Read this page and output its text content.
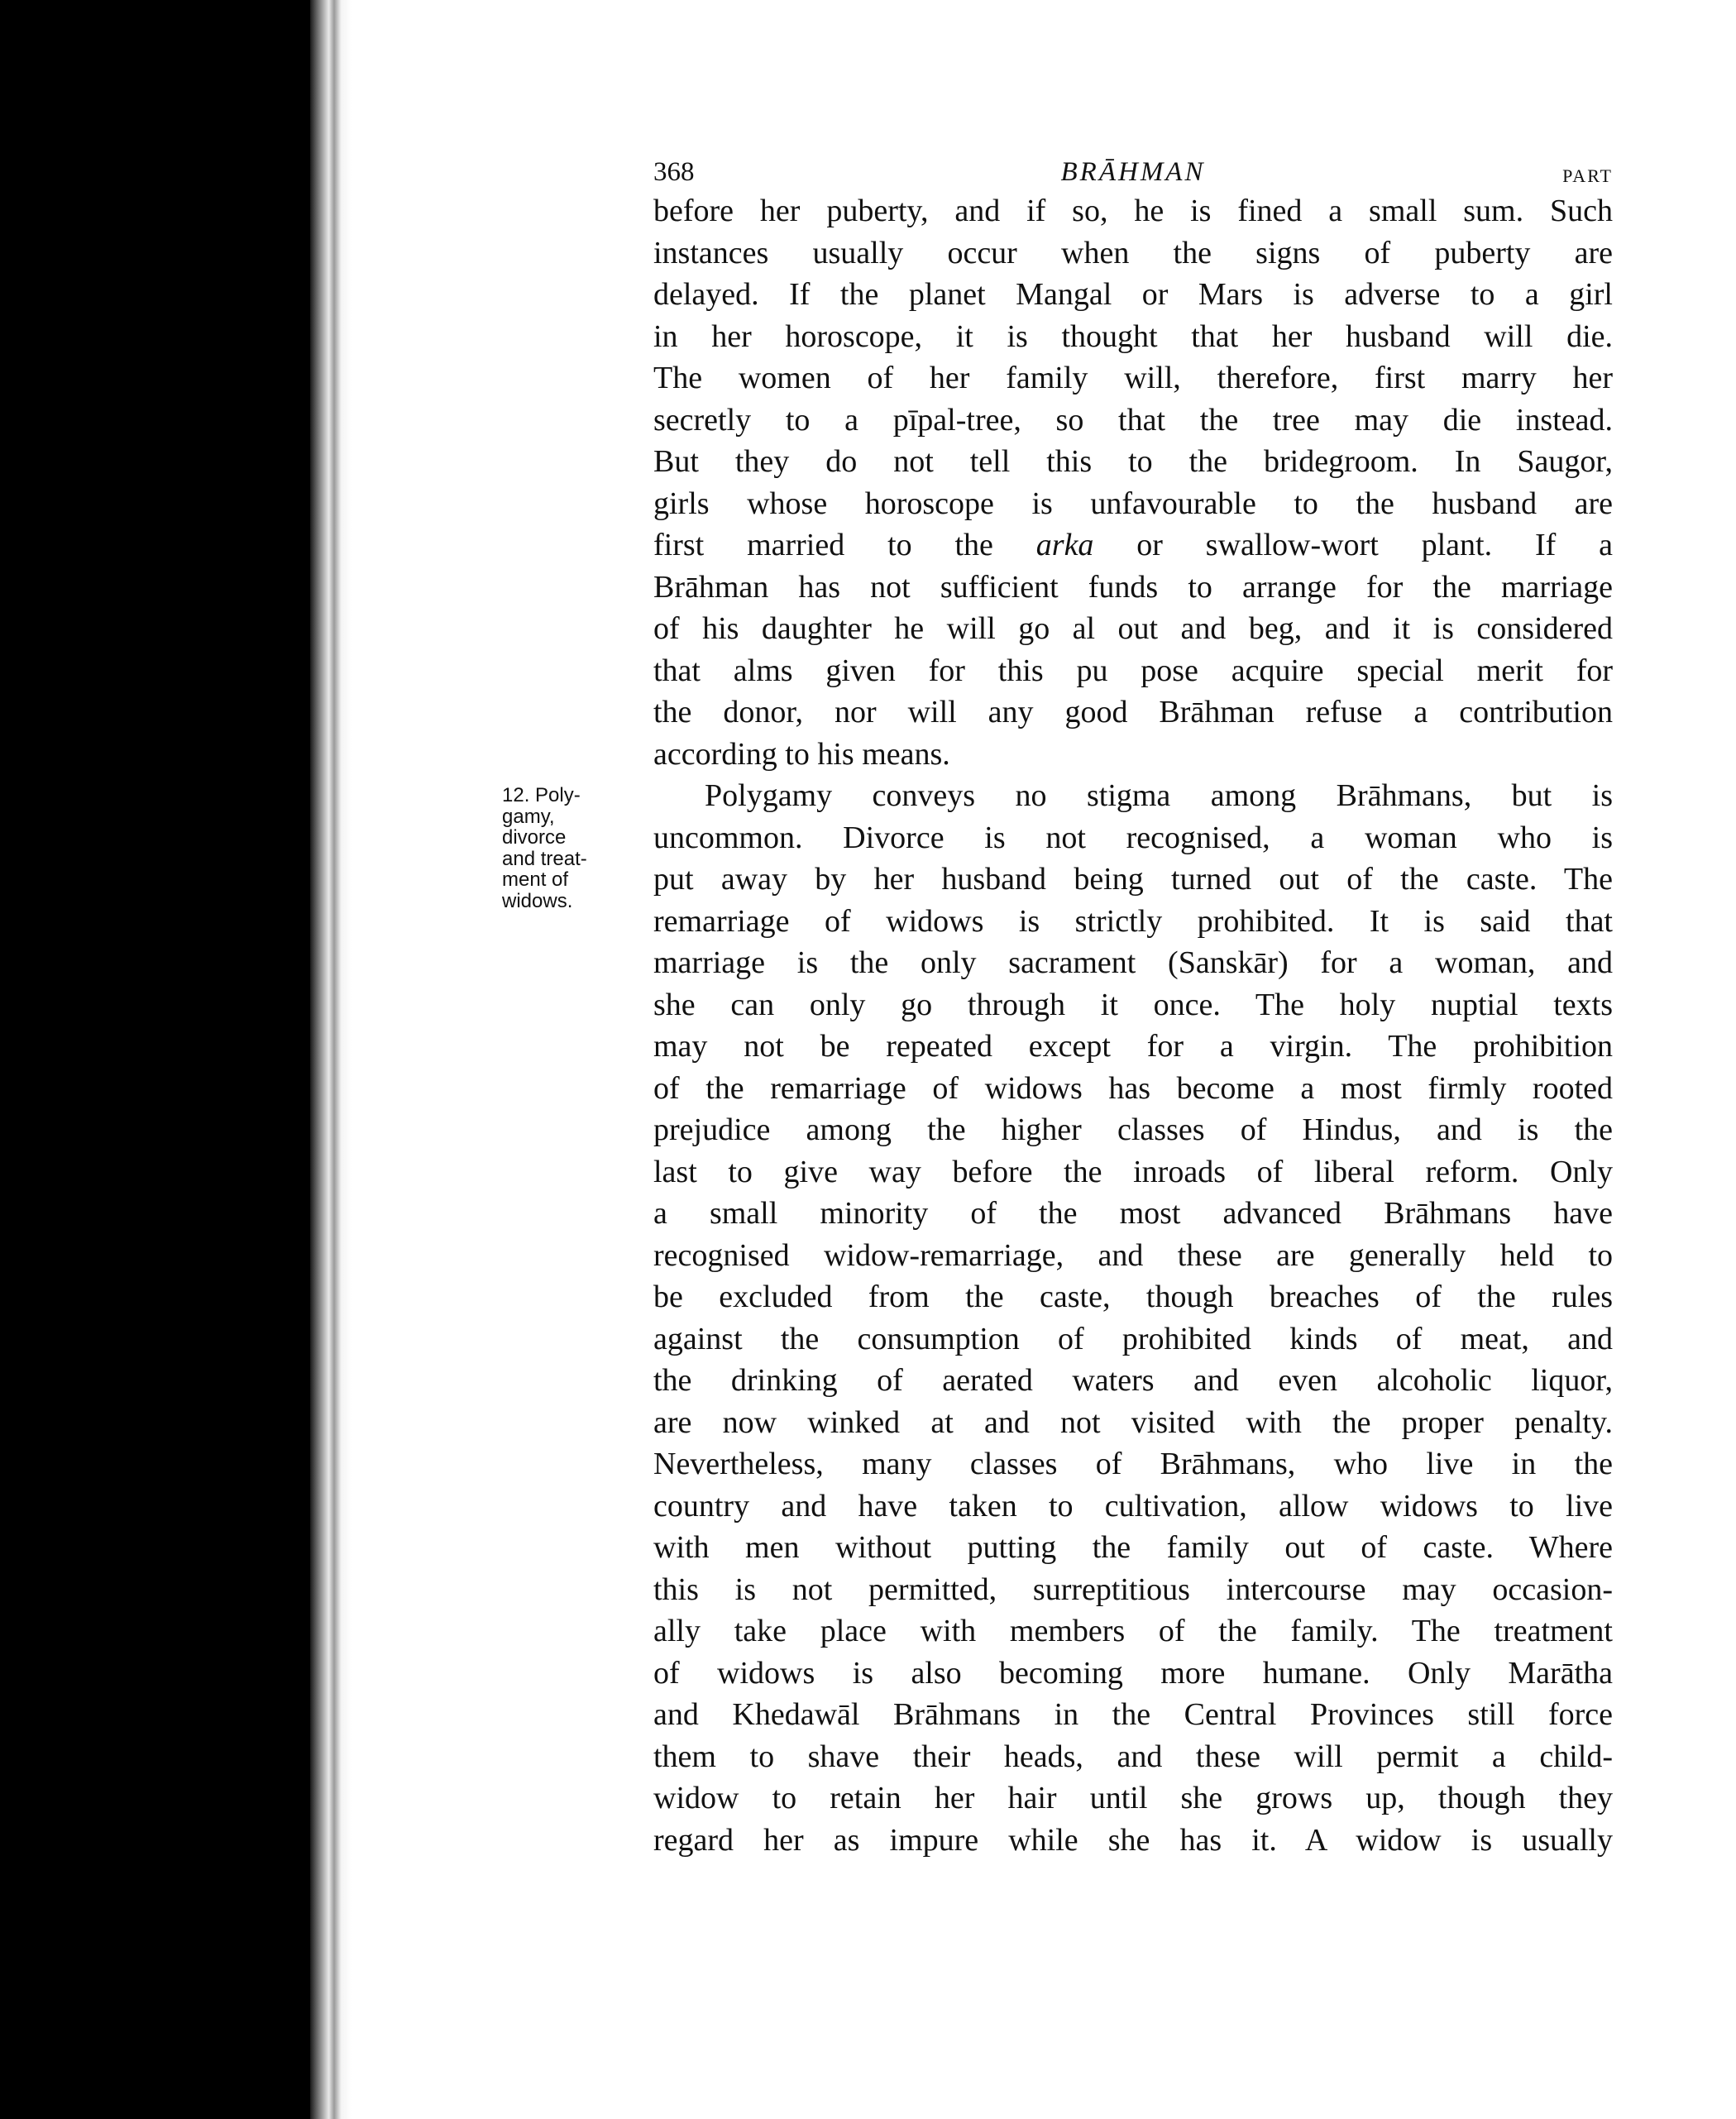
368	BRĀHMAN	PART
before her puberty, and if so, he is fined a small sum. Such
instances usually occur when the signs of puberty are
delayed. If the planet Mangal or Mars is adverse to a girl
in her horoscope, it is thought that her husband will die.
The women of her family will, therefore, first marry her
secretly to a pīpal-tree, so that the tree may die instead.
But they do not tell this to the bridegroom. In Saugor,
girls whose horoscope is unfavourable to the husband are
first married to the arka or swallow-wort plant. If a
Brāhman has not sufficient funds to arrange for the marriage
of his daughter he will go al out and beg, and it is considered
that alms given for this pu pose acquire special merit for
the donor, nor will any good Brāhman refuse a contribution
according to his means.
12. Poly-
gamy,
divorce
and treat-
ment of
widows.
Polygamy conveys no stigma among Brāhmans, but is
uncommon. Divorce is not recognised, a woman who is
put away by her husband being turned out of the caste. The
remarriage of widows is strictly prohibited. It is said that
marriage is the only sacrament (Sanskār) for a woman, and
she can only go through it once. The holy nuptial texts
may not be repeated except for a virgin. The prohibition
of the remarriage of widows has become a most firmly rooted
prejudice among the higher classes of Hindus, and is the
last to give way before the inroads of liberal reform. Only
a small minority of the most advanced Brāhmans have
recognised widow-remarriage, and these are generally held to
be excluded from the caste, though breaches of the rules
against the consumption of prohibited kinds of meat, and
the drinking of aerated waters and even alcoholic liquor,
are now winked at and not visited with the proper penalty.
Nevertheless, many classes of Brāhmans, who live in the
country and have taken to cultivation, allow widows to live
with men without putting the family out of caste. Where
this is not permitted, surreptitious intercourse may occasion-
ally take place with members of the family. The treatment
of widows is also becoming more humane. Only Marātha
and Khedawāl Brāhmans in the Central Provinces still force
them to shave their heads, and these will permit a child-
widow to retain her hair until she grows up, though they
regard her as impure while she has it. A widow is usually
